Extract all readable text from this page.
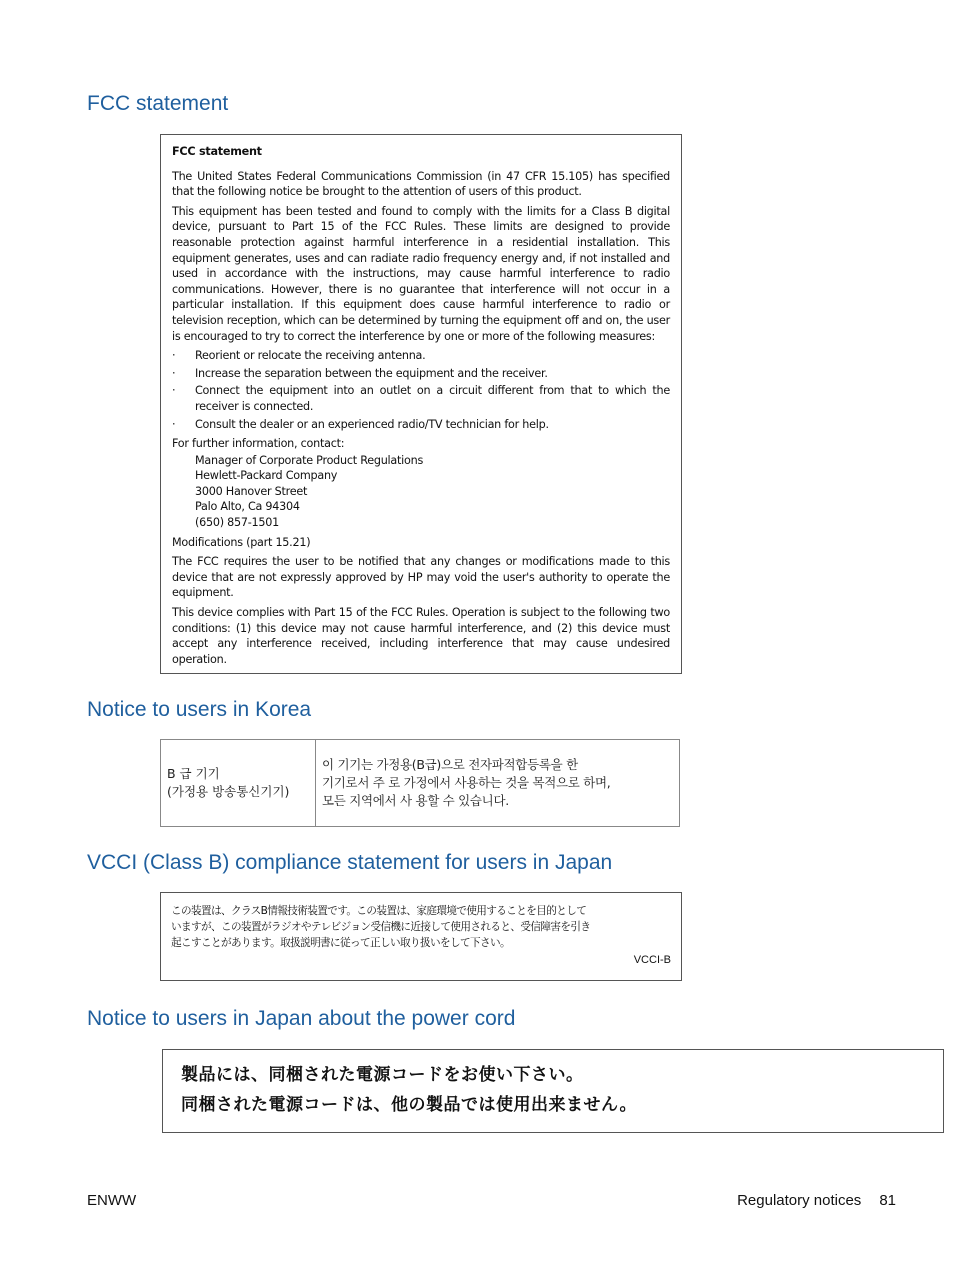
FCC statement

FCC statement

The United States Federal Communications Commission (in 47 CFR 15.105) has specified that the following notice be brought to the attention of users of this product.

This equipment has been tested and found to comply with the limits for a Class B digital device, pursuant to Part 15 of the FCC Rules. These limits are designed to provide reasonable protection against harmful interference in a residential installation. This equipment generates, uses and can radiate radio frequency energy and, if not installed and used in accordance with the instructions, may cause harmful interference to radio communications. However, there is no guarantee that interference will not occur in a particular installation. If this equipment does cause harmful interference to radio or television reception, which can be determined by turning the equipment off and on, the user is encouraged to try to correct the interference by one or more of the following measures:

· Reorient or relocate the receiving antenna.
· Increase the separation between the equipment and the receiver.
· Connect the equipment into an outlet on a circuit different from that to which the receiver is connected.
· Consult the dealer or an experienced radio/TV technician for help.

For further information, contact:

Manager of Corporate Product Regulations
Hewlett-Packard Company
3000 Hanover Street
Palo Alto, Ca 94304
(650) 857-1501

Modifications (part 15.21)

The FCC requires the user to be notified that any changes or modifications made to this device that are not expressly approved by HP may void the user's authority to operate the equipment.

This device complies with Part 15 of the FCC Rules. Operation is subject to the following two conditions: (1) this device may not cause harmful interference, and (2) this device must accept any interference received, including interference that may cause undesired operation.

Notice to users in Korea
B 급 기기
(가정용 방송통신기기)

이 기기는 가정용(B급)으로 전자파적합등록을 한
기기로서 주 로 가정에서 사용하는 것을 목적으로 하며,
모든 지역에서 사 용할 수 있습니다.
VCCI (Class B) compliance statement for users in Japan
この装置は、クラスB情報技術装置です。この装置は、家庭環境で使用することを目的として
いますが、この装置がラジオやテレビジョン受信機に近接して使用されると、受信障害を引き
起こすことがあります。取扱説明書に従って正しい取り扱いをして下さい。
VCCI-B
Notice to users in Japan about the power cord
製品には、同梱された電源コードをお使い下さい。
同梱された電源コードは、他の製品では使用出来ません。
ENWW	Regulatory notices 81
